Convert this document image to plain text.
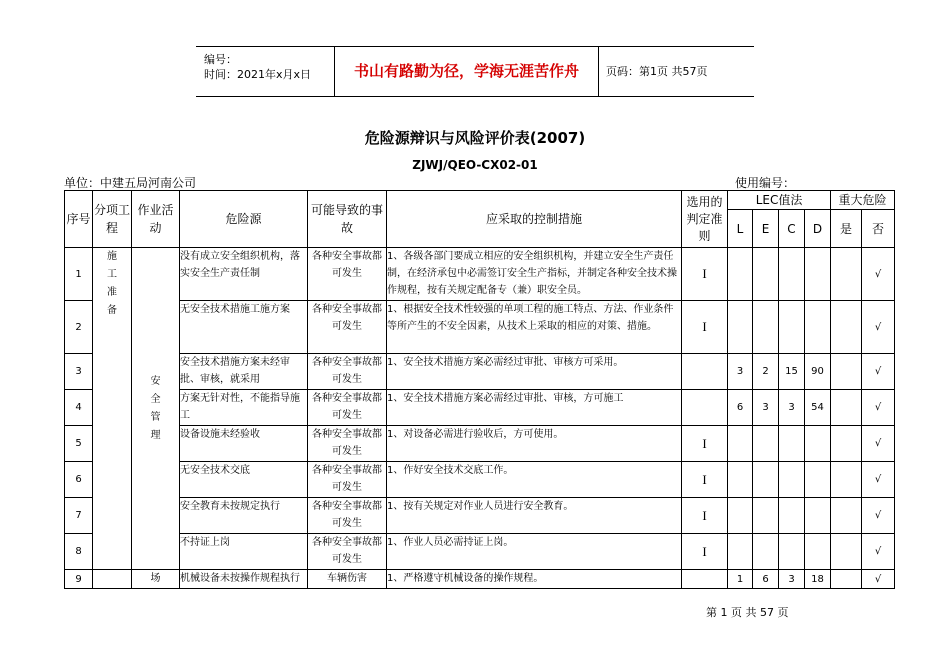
编号：
时间：2021年x月x日	书山有路勤为径，学海无涯苦作舟	页码：第1页 共57页
危险源辩识与风险评价表(2007)
ZJWJ/QEO-CX02-01
单位：中建五局河南公司	使用编号：
序号	分项工程	作业活动	危险源	可能导致的事故	应采取的控制措施	选用的判定准则	LEC值法				重大危险	
							L	E	C	D	是	否
1	施
工
准
备	安
全
管
理	没有成立安全组织机构，落实安全生产责任制	各种安全事故都可发生	1、各级各部门要成立相应的安全组织机构，并建立安全生产责任制，在经济承包中必需签订安全生产指标，并制定各种安全技术操作规程，按有关规定配备专（兼）职安全员。	I						√
2			无安全技术措施工施方案	各种安全事故都可发生	1、根据安全技术性较强的单项工程的施工特点、方法、作业条件等所产生的不安全因素，从技术上采取的相应的对策、措施。	I						√
3			安全技术措施方案未经审批、审核，就采用	各种安全事故都可发生	1、安全技术措施方案必需经过审批、审核方可采用。		3	2	15	90		√
4			方案无针对性，不能指导施工	各种安全事故都可发生	1、安全技术措施方案必需经过审批、审核，方可施工		6	3	3	54		√
5			设备设施未经验收	各种安全事故都可发生	1、对设备必需进行验收后，方可使用。	I						√
6			无安全技术交底	各种安全事故都可发生	1、作好安全技术交底工作。	I						√
7			安全教育未按规定执行	各种安全事故都可发生	1、按有关规定对作业人员进行安全教育。	I						√
8			不持证上岗	各种安全事故都可发生	1、作业人员必需持证上岗。	I						√
9		场	机械设备未按操作规程执行	车辆伤害	1、严格遵守机械设备的操作规程。		1	6	3	18		√
第 1 页 共 57 页
